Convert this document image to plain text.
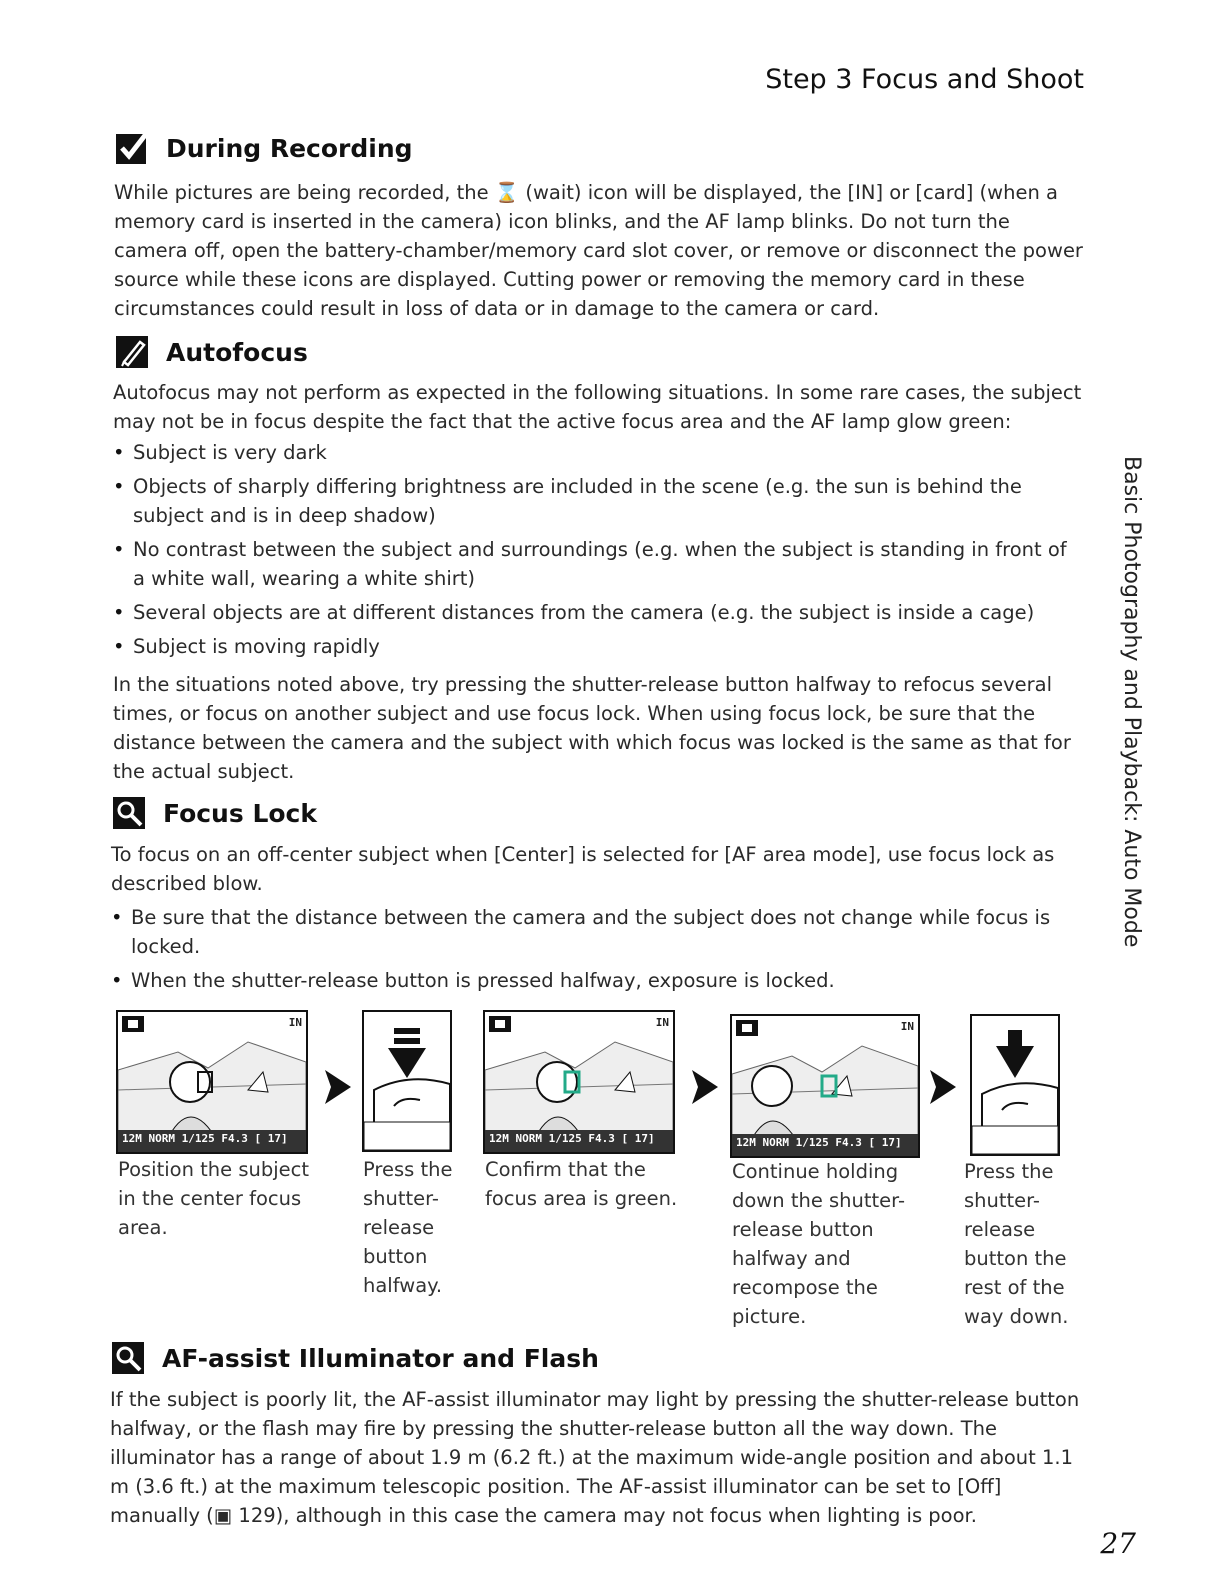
Step 3 Focus and Shoot
Basic Photography and Playback: Auto Mode
During Recording

While pictures are being recorded, the ⌛ (wait) icon will be displayed, the [IN] or [card] (when a memory card is inserted in the camera) icon blinks, and the AF lamp blinks. Do not turn the camera off, open the battery-chamber/memory card slot cover, or remove or disconnect the power source while these icons are displayed. Cutting power or removing the memory card in these circumstances could result in loss of data or in damage to the camera or card.

Autofocus

Autofocus may not perform as expected in the following situations. In some rare cases, the subject may not be in focus despite the fact that the active focus area and the AF lamp glow green:

• Subject is very dark
• Objects of sharply differing brightness are included in the scene (e.g. the sun is behind the subject and is in deep shadow)
• No contrast between the subject and surroundings (e.g. when the subject is standing in front of a white wall, wearing a white shirt)
• Several objects are at different distances from the camera (e.g. the subject is inside a cage)
• Subject is moving rapidly

In the situations noted above, try pressing the shutter-release button halfway to refocus several times, or focus on another subject and use focus lock. When using focus lock, be sure that the distance between the camera and the subject with which focus was locked is the same as that for the actual subject.

Focus Lock

To focus on an off-center subject when [Center] is selected for [AF area mode], use focus lock as described blow.

• Be sure that the distance between the camera and the subject does not change while focus is locked.
• When the shutter-release button is pressed halfway, exposure is locked.
12M NORM 1/125 F4.3 [ 17]
IN
Position the subject in the center focus area.
Press the shutter-release button halfway.
12M NORM 1/125 F4.3 [ 17]
IN
Confirm that the focus area is green.
12M NORM 1/125 F4.3 [ 17]
IN
Continue holding down the shutter-release button halfway and recompose the picture.
Press the shutter-release button the rest of the way down.
AF-assist Illuminator and Flash

If the subject is poorly lit, the AF-assist illuminator may light by pressing the shutter-release button halfway, or the flash may fire by pressing the shutter-release button all the way down. The illuminator has a range of about 1.9 m (6.2 ft.) at the maximum wide-angle position and about 1.1 m (3.6 ft.) at the maximum telescopic position. The AF-assist illuminator can be set to [Off] manually (▣ 129), although in this case the camera may not focus when lighting is poor.

27
